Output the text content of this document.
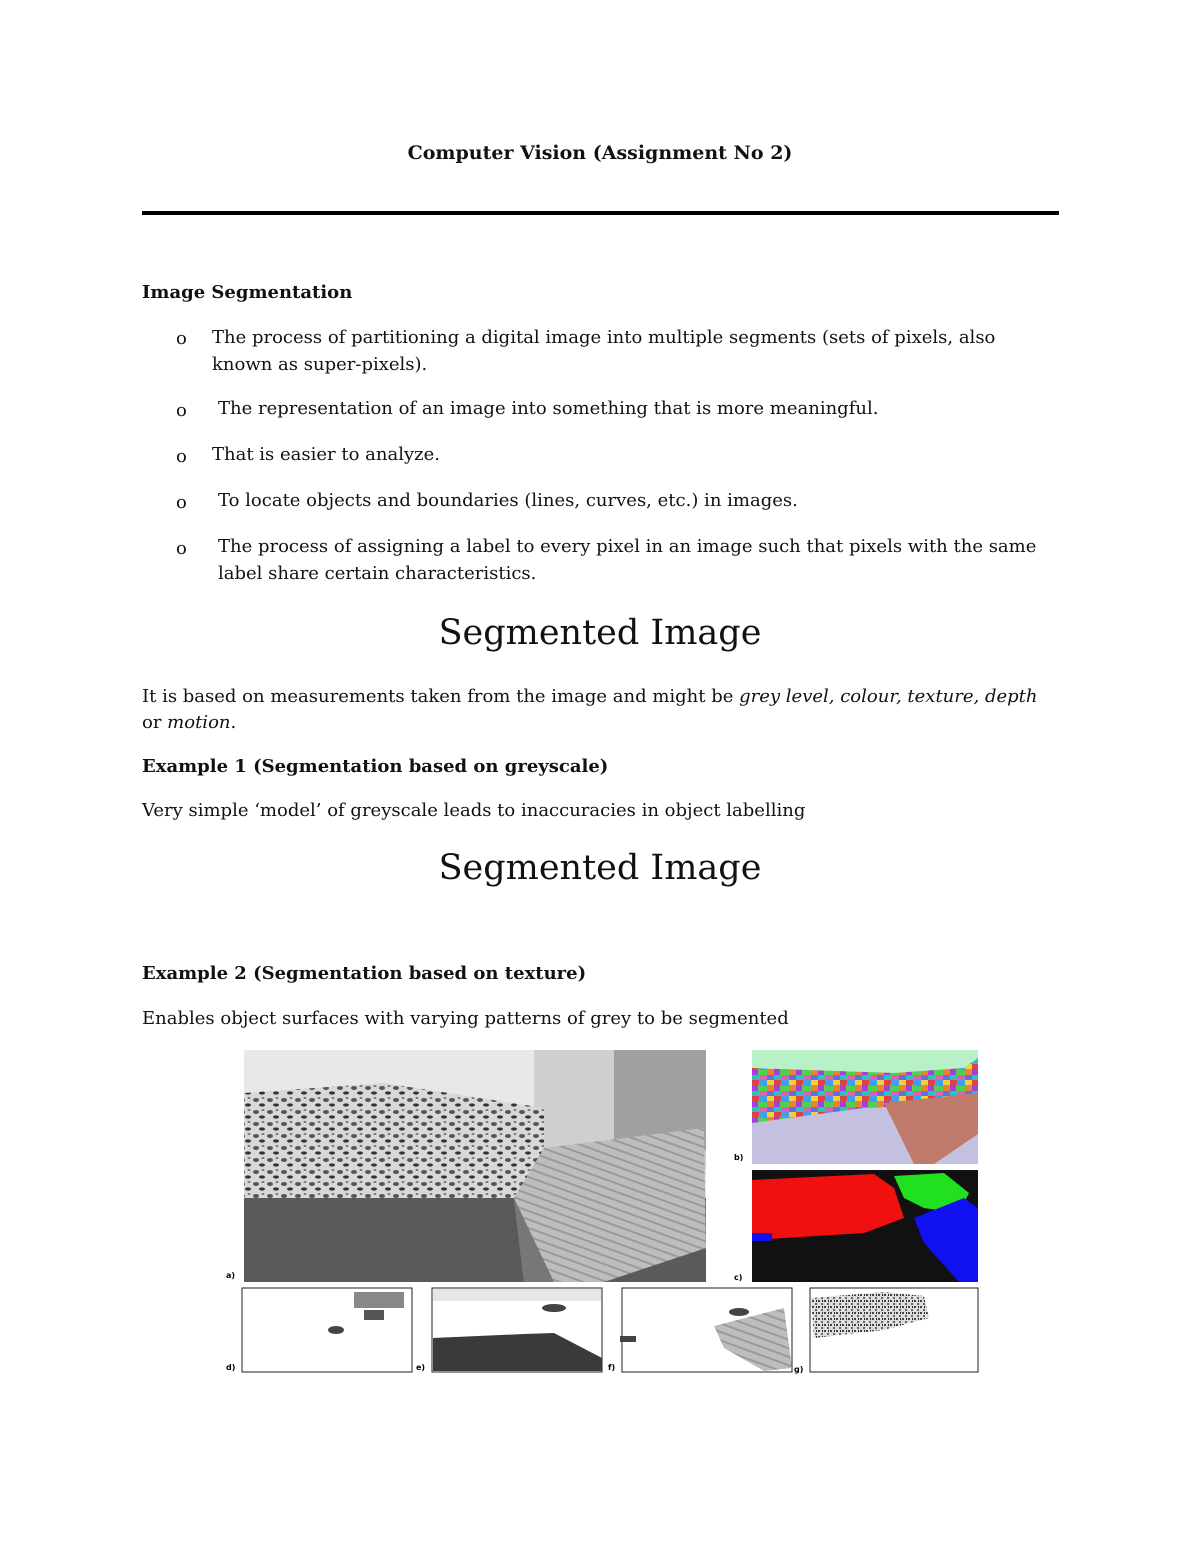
Computer Vision (Assignment No 2)
Image Segmentation
o The process of partitioning a digital image into multiple segments (sets of pixels, also known as super-pixels).
o The representation of an image into something that is more meaningful.
o That is easier to analyze.
o To locate objects and boundaries (lines, curves, etc.) in images.
o The process of assigning a label to every pixel in an image such that pixels with the same label share certain characteristics.
Segmented Image
It is based on measurements taken from the image and might be grey level, colour, texture, depth or motion.
Example 1 (Segmentation based on greyscale)
Very simple ‘model’ of greyscale leads to inaccuracies in object labelling
Segmented Image
Example 2 (Segmentation based on texture)
Enables object surfaces with varying patterns of grey to be segmented
a)
b)
c)
d)	e)	f)	g)
